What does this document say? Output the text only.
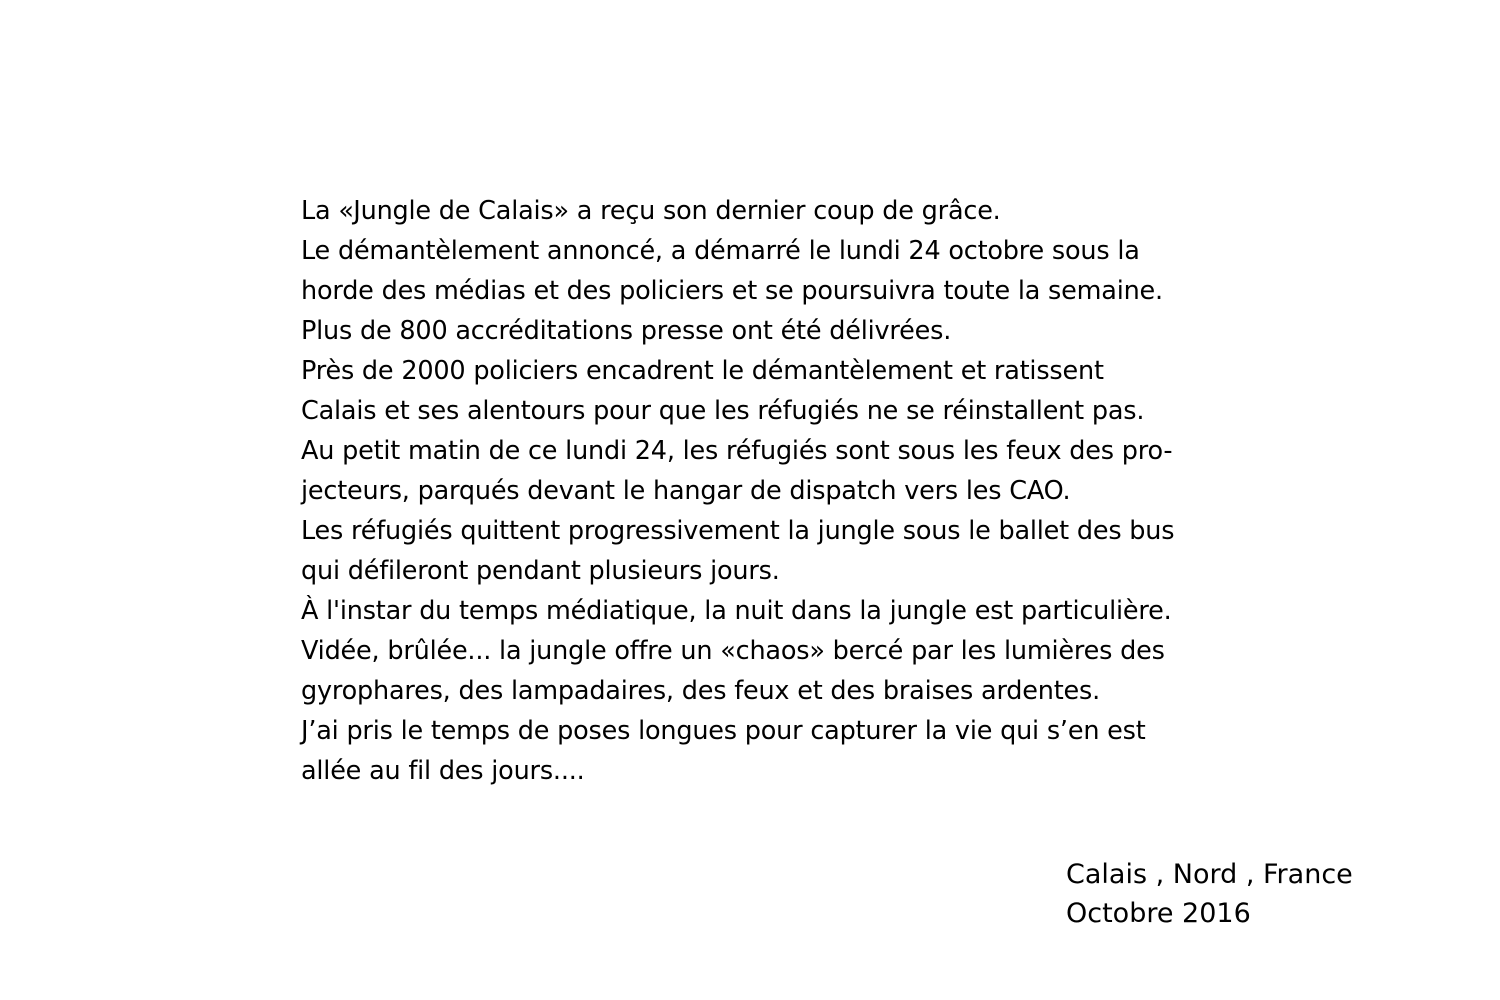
La «Jungle de Calais» a reçu son dernier coup de grâce.
Le démantèlement annoncé, a démarré le lundi 24 octobre sous la
horde des médias et des policiers et se poursuivra toute la semaine.
Plus de 800 accréditations presse ont été délivrées.
Près de 2000 policiers encadrent le démantèlement et ratissent
Calais et ses alentours pour que les réfugiés ne se réinstallent pas.
Au petit matin de ce lundi 24, les réfugiés sont sous les feux des pro-
jecteurs, parqués devant le hangar de dispatch vers les CAO.
Les réfugiés quittent progressivement la jungle sous le ballet des bus
qui défileront pendant plusieurs jours.
À l'instar du temps médiatique, la nuit dans la jungle est particulière.
Vidée, brûlée... la jungle offre un «chaos» bercé par les lumières des
gyrophares, des lampadaires, des feux et des braises ardentes.
J’ai pris le temps de poses longues pour capturer la vie qui s’en est
allée au fil des jours....
Calais , Nord , France
Octobre 2016
